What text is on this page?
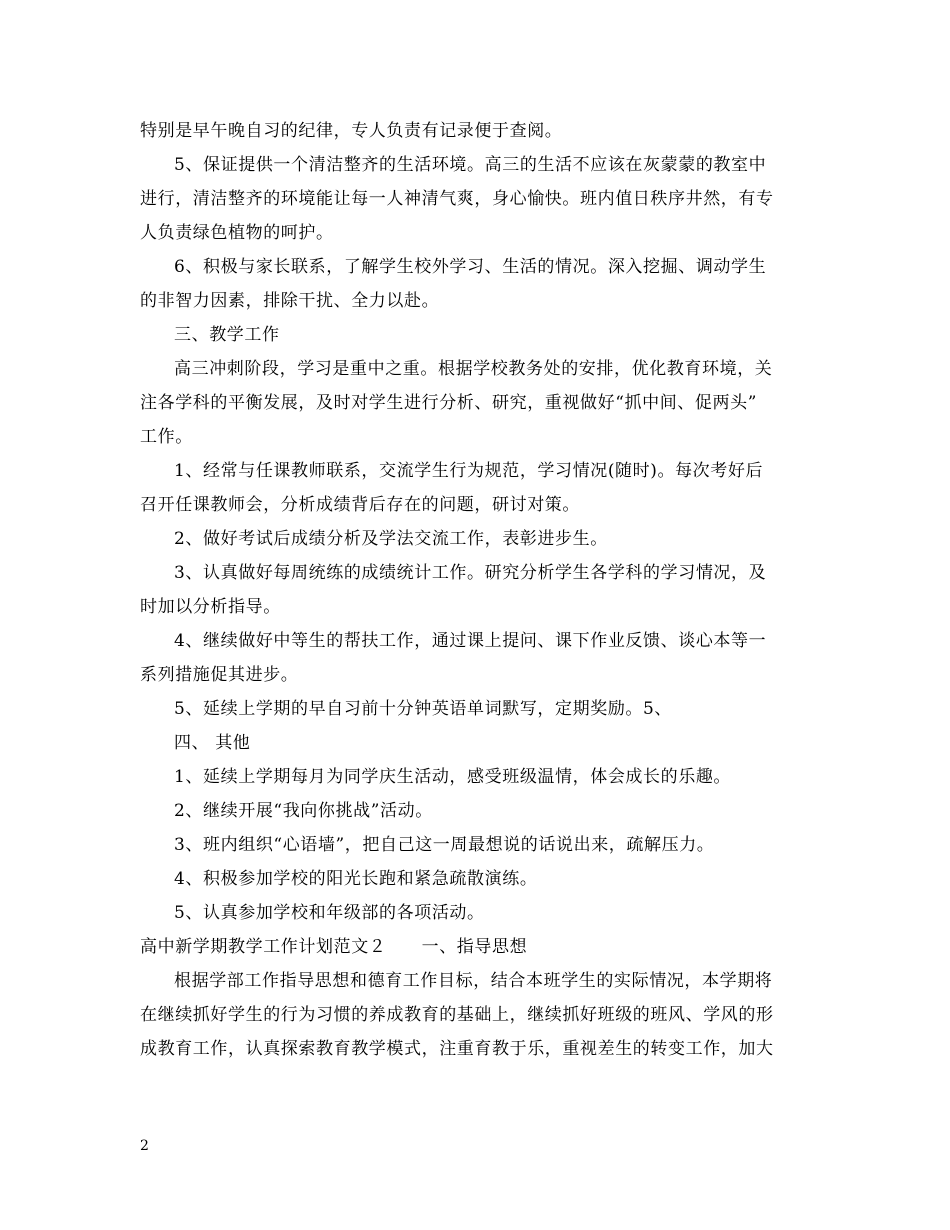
特别是早午晚自习的纪律，专人负责有记录便于查阅。
5、保证提供一个清洁整齐的生活环境。高三的生活不应该在灰蒙蒙的教室中
进行，清洁整齐的环境能让每一人神清气爽，身心愉快。班内值日秩序井然，有专
人负责绿色植物的呵护。
6、积极与家长联系，了解学生校外学习、生活的情况。深入挖掘、调动学生
的非智力因素，排除干扰、全力以赴。
三、教学工作
高三冲刺阶段，学习是重中之重。根据学校教务处的安排，优化教育环境，关
注各学科的平衡发展，及时对学生进行分析、研究，重视做好“抓中间、促两头”
工作。
1、经常与任课教师联系，交流学生行为规范，学习情况(随时)。每次考好后
召开任课教师会，分析成绩背后存在的问题，研讨对策。
2、做好考试后成绩分析及学法交流工作，表彰进步生。
3、认真做好每周统练的成绩统计工作。研究分析学生各学科的学习情况，及
时加以分析指导。
4、继续做好中等生的帮扶工作，通过课上提问、课下作业反馈、谈心本等一
系列措施促其进步。
5、延续上学期的早自习前十分钟英语单词默写，定期奖励。5、
四、 其他
1、延续上学期每月为同学庆生活动，感受班级温情，体会成长的乐趣。
2、继续开展“我向你挑战”活动。
3、班内组织“心语墙”，把自己这一周最想说的话说出来，疏解压力。
4、积极参加学校的阳光长跑和紧急疏散演练。
5、认真参加学校和年级部的各项活动。
高中新学期教学工作计划范文２　　一、指导思想
根据学部工作指导思想和德育工作目标，结合本班学生的实际情况，本学期将
在继续抓好学生的行为习惯的养成教育的基础上，继续抓好班级的班风、学风的形
成教育工作，认真探索教育教学模式，注重育教于乐，重视差生的转变工作，加大
2
